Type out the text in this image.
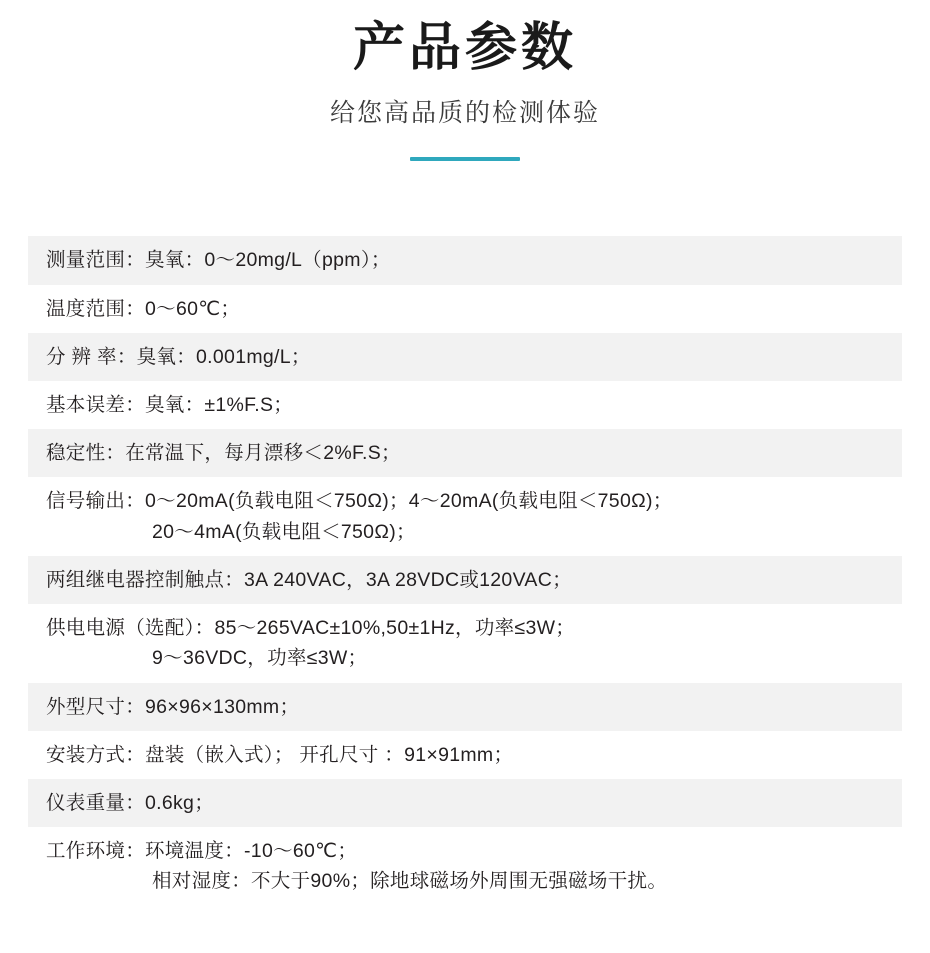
产品参数

给您高品质的检测体验

测量范围：臭氧：0～20mg/L（ppm）；
温度范围：0～60℃；
分 辨 率：臭氧：0.001mg/L；
基本误差：臭氧：±1%F.S；
稳定性：在常温下，每月漂移＜2%F.S；
信号输出：0～20mA(负载电阻＜750Ω)；4～20mA(负载电阻＜750Ω)；
20～4mA(负载电阻＜750Ω)；
两组继电器控制触点：3A 240VAC，3A 28VDC或120VAC；
供电电源（选配）：85～265VAC±10%,50±1Hz，功率≤3W；
9～36VDC，功率≤3W；
外型尺寸：96×96×130mm；
安装方式：盘装（嵌入式）； 开孔尺寸 ：91×91mm；
仪表重量：0.6kg；
工作环境：环境温度：-10～60℃；
相对湿度：不大于90%；除地球磁场外周围无强磁场干扰。
